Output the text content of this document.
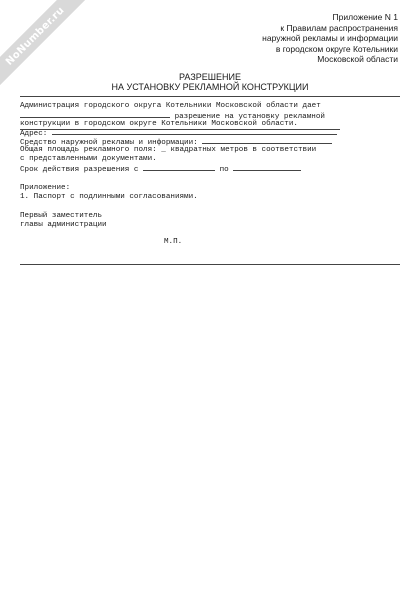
NoNumber.ru	Приложение N 1
к Правилам распространения
наружной рекламы и информации
в городском округе Котельники
Московской области
РАЗРЕШЕНИЕ
НА УСТАНОВКУ РЕКЛАМНОЙ КОНСТРУКЦИИ
Администрация городского округа Котельники Московской области дает
разрешение на установку рекламной
конструкции в городском округе Котельники Московской области.
Адрес:
Средство наружной рекламы и информации:
Общая площадь рекламного поля: _ квадратных метров в соответствии
с представленными документами.
Срок действия разрешения с	по
Приложение:
1. Паспорт с подлинными согласованиями.
Первый заместитель
главы администрации
М.П.
